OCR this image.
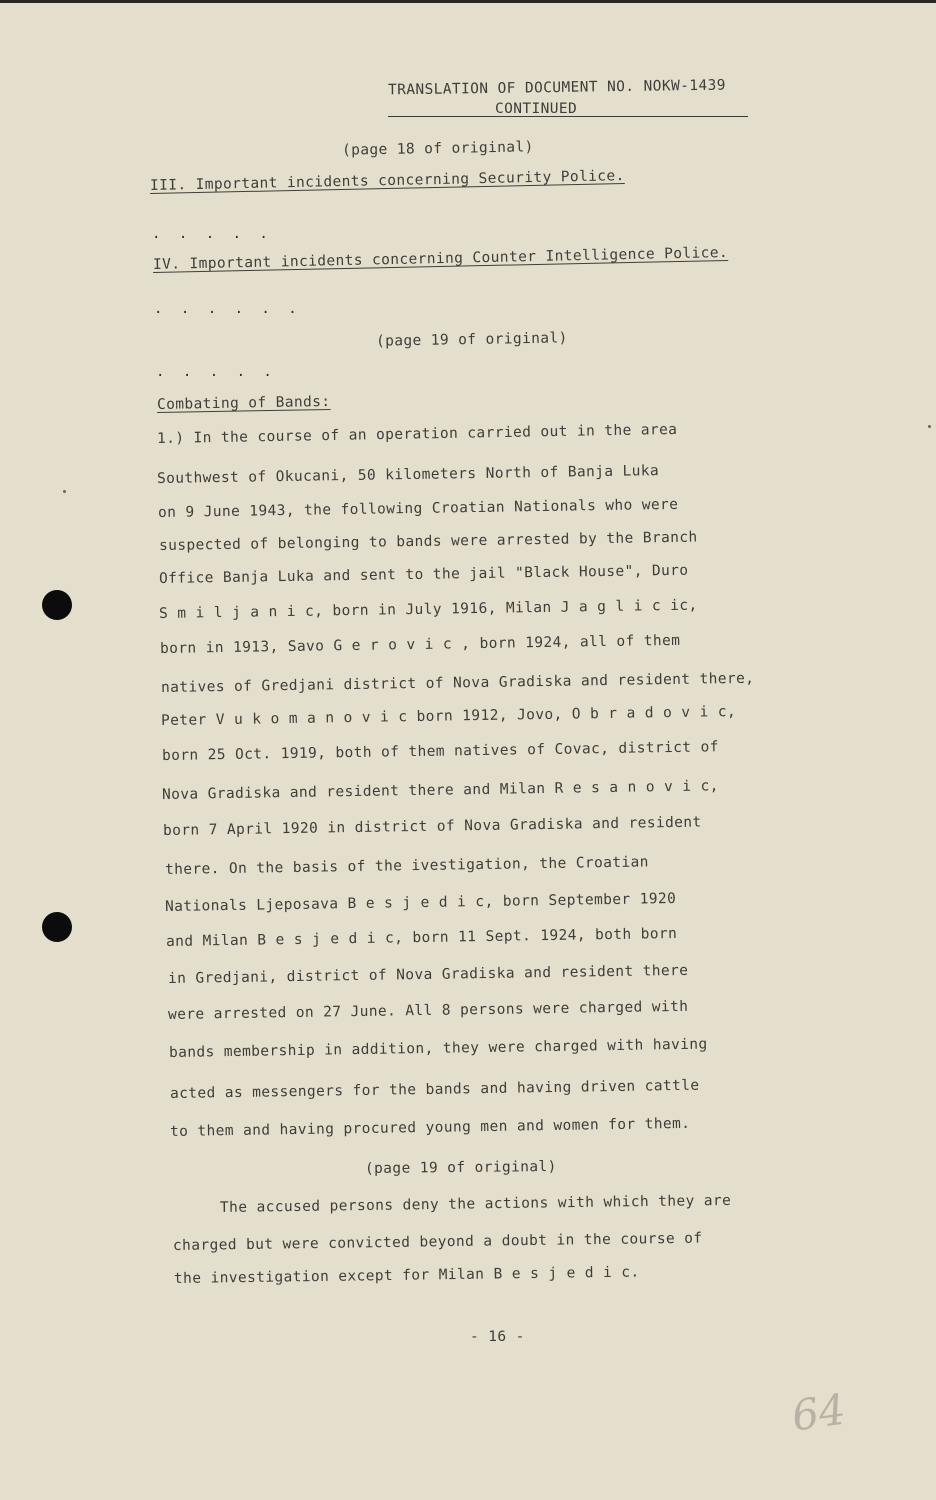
TRANSLATION OF DOCUMENT NO. NOKW-1439
CONTINUED
(page 18 of original)
III. Important incidents concerning Security Police.
. . . . .
IV. Important incidents concerning Counter Intelligence Police.
. . . . . .
(page 19 of original)
. . . . .
Combating of Bands:
1.) In the course of an operation carried out in the area
Southwest of Okucani, 50 kilometers North of Banja Luka
on 9 June 1943, the following Croatian Nationals who were
suspected of belonging to bands were arrested by the Branch
Office Banja Luka and sent to the jail "Black House", Duro
S m i l j a n i c, born in July 1916, Milan J a g l i c ic,
born in 1913, Savo G e r o v i c , born 1924, all of them
natives of Gredjani district of Nova Gradiska and resident there,
Peter V u k o m a n o v i c born 1912, Jovo, O b r a d o v i c,
born 25 Oct. 1919, both of them natives of Covac, district of
Nova Gradiska and resident there and Milan R e s a n o v i c,
born 7 April 1920 in district of Nova Gradiska and resident
there. On the basis of the ivestigation, the Croatian
Nationals Ljeposava B e s j e d i c, born September 1920
and Milan B e s j e d i c, born 11 Sept. 1924, both born
in Gredjani, district of Nova Gradiska and resident there
were arrested on 27 June. All 8 persons were charged with
bands membership in addition, they were charged with having
acted as messengers for the bands and having driven cattle
to them and having procured young men and women for them.
(page 19 of original)
The accused persons deny the actions with which they are
charged but were convicted beyond a doubt in the course of
the investigation except for Milan B e s j e d i c.
- 16 -
64
